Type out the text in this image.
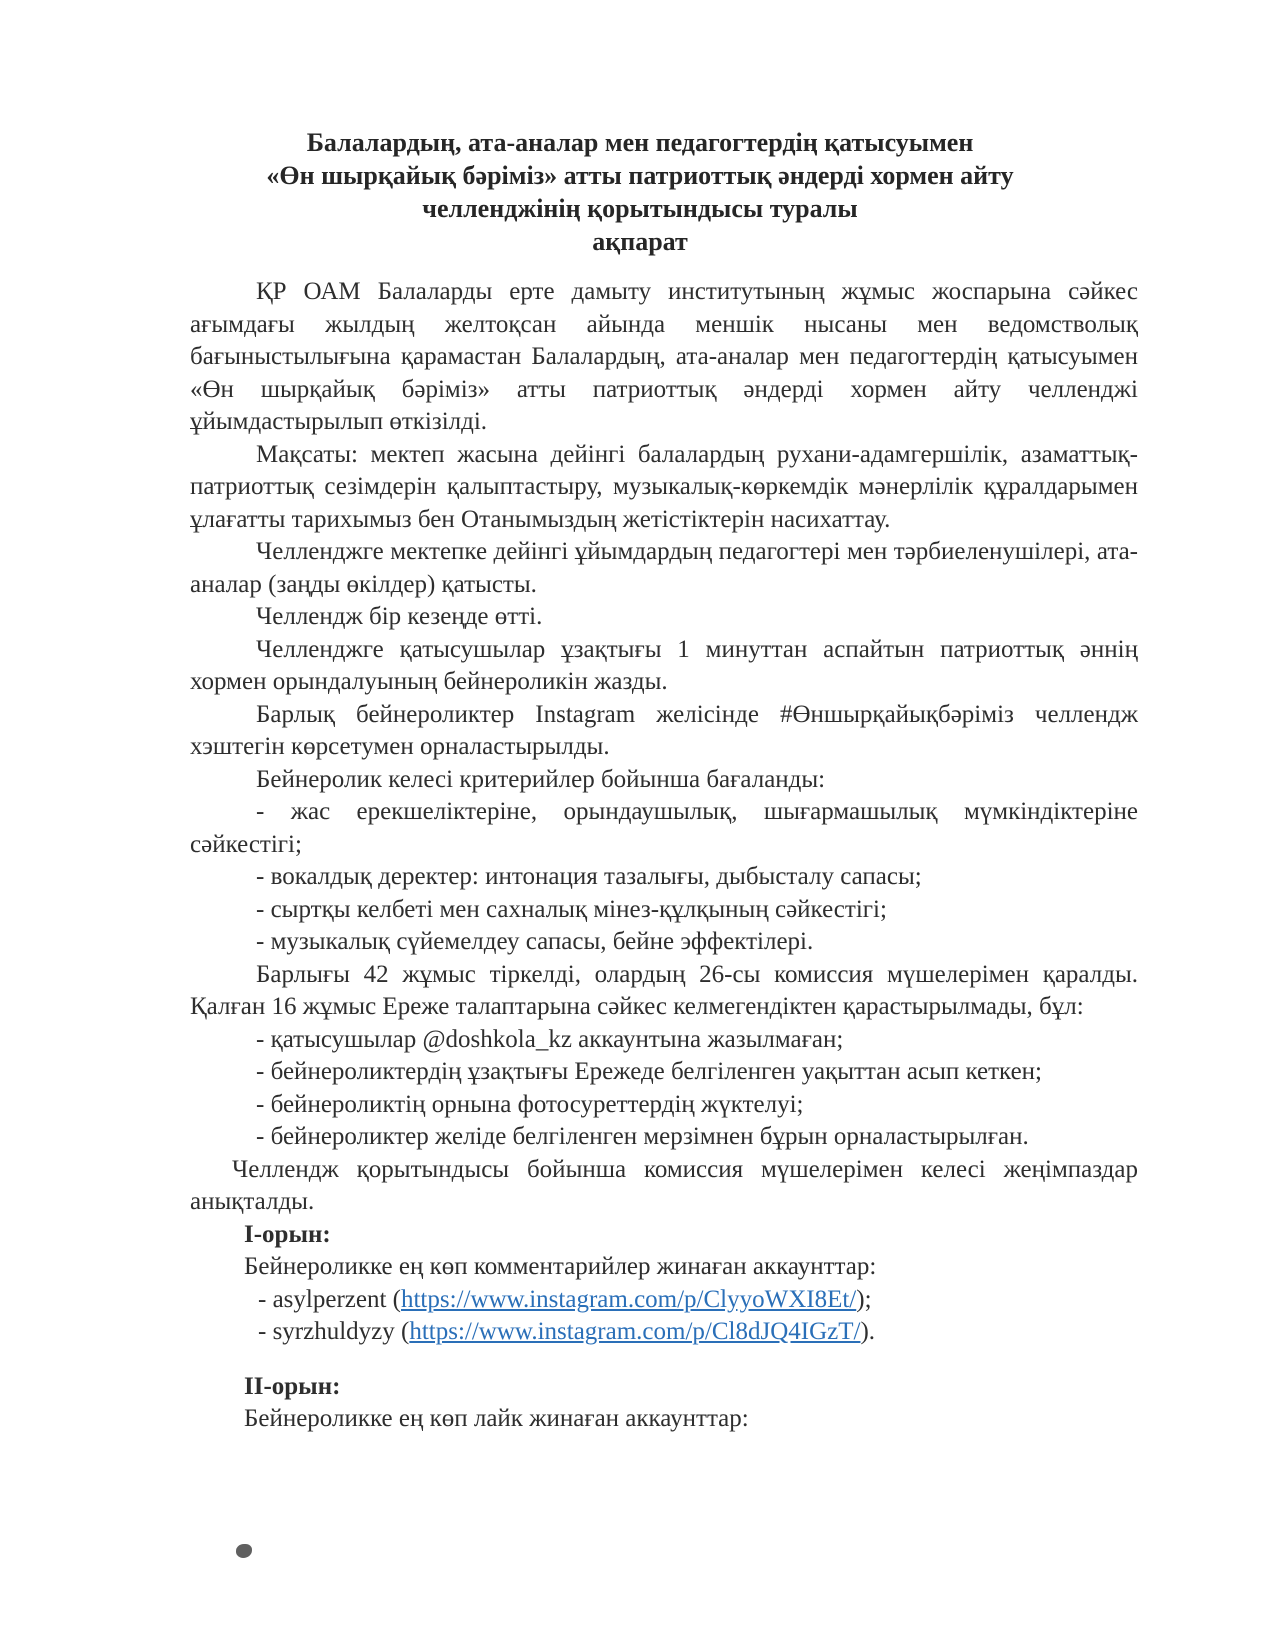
Балалардың, ата-аналар мен педагогтердің қатысуымен
«Өн шырқайық бәріміз» атты патриоттық әндерді хормен айту
челленджінің қорытындысы туралы
ақпарат

ҚР ОАМ Балаларды ерте дамыту институтының жұмыс жоспарына сәйкес ағымдағы жылдың желтоқсан айында меншік нысаны мен ведомстволық бағыныстылығына қарамастан Балалардың, ата-аналар мен педагогтердің қатысуымен «Өн шырқайық бәріміз» атты патриоттық әндерді хормен айту челленджі ұйымдастырылып өткізілді.

Мақсаты: мектеп жасына дейінгі балалардың рухани-адамгершілік, азаматтық-патриоттық сезімдерін қалыптастыру, музыкалық-көркемдік мәнерлілік құралдарымен ұлағатты тарихымыз бен Отанымыздың жетістіктерін насихаттау.

Челленджге мектепке дейінгі ұйымдардың педагогтері мен тәрбиеленушілері, ата-аналар (заңды өкілдер) қатысты.

Челлендж бір кезеңде өтті.

Челленджге қатысушылар ұзақтығы 1 минуттан аспайтын патриоттық әннің хормен орындалуының бейнероликін жазды.

Барлық бейнероликтер Instagram желісінде #Өншырқайықбәріміз челлендж хэштегін көрсетумен орналастырылды.

Бейнеролик келесі критерийлер бойынша бағаланды:

- жас ерекшеліктеріне, орындаушылық, шығармашылық мүмкіндіктеріне сәйкестігі;

- вокалдық деректер: интонация тазалығы, дыбысталу сапасы;

- сыртқы келбеті мен сахналық мінез-құлқының сәйкестігі;

- музыкалық сүйемелдеу сапасы, бейне эффектілері.

Барлығы 42 жұмыс тіркелді, олардың 26-сы комиссия мүшелерімен қаралды. Қалған 16 жұмыс Ереже талаптарына сәйкес келмегендіктен қарастырылмады, бұл:

- қатысушылар @doshkola_kz аккаунтына жазылмаған;

- бейнероликтердің ұзақтығы Ережеде белгіленген уақыттан асып кеткен;

- бейнероликтің орнына фотосуреттердің жүктелуі;

- бейнероликтер желіде белгіленген мерзімнен бұрын орналастырылған.

Челлендж қорытындысы бойынша комиссия мүшелерімен келесі жеңімпаздар анықталды.

I-орын:

Бейнероликке ең көп комментарийлер жинаған аккаунттар:

- asylperzent (https://www.instagram.com/p/ClyyoWXI8Et/);

- syrzhuldyzy (https://www.instagram.com/p/Cl8dJQ4IGzT/).

II-орын:

Бейнероликке ең көп лайк жинаған аккаунттар:
